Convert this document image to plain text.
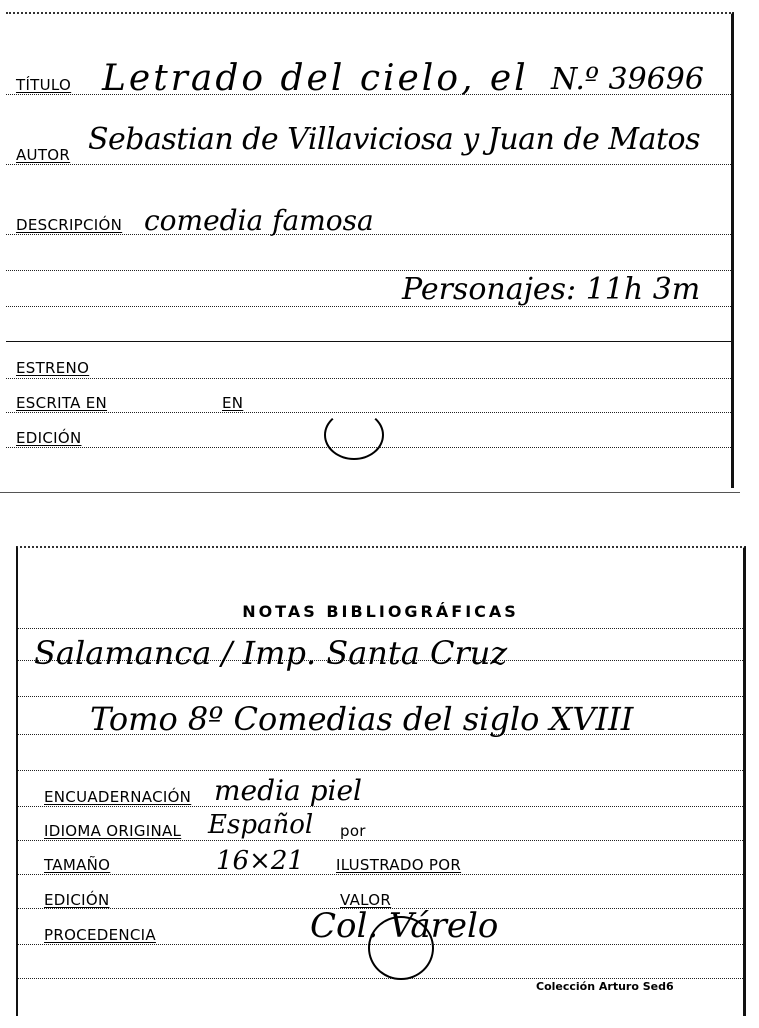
TÍTULO Letrado del cielo, el N.º 39696
AUTOR Sebastian de Villaviciosa y Juan de Matos
DESCRIPCIÓN comedia famosa
Personajes: 11h 3m
ESTRENO
ESCRITA EN	EN
EDICIÓN
NOTAS BIBLIOGRÁFICAS
Salamanca / Imp. Santa Cruz
Tomo 8º Comedias del siglo XVIII
ENCUADERNACIÓN media piel
IDIOMA ORIGINAL Español por
TAMAÑO	16×21 ILUSTRADO POR
EDICIÓN	VALOR
PROCEDENCIA	Col. Várelo
Colección Arturo Sed6
